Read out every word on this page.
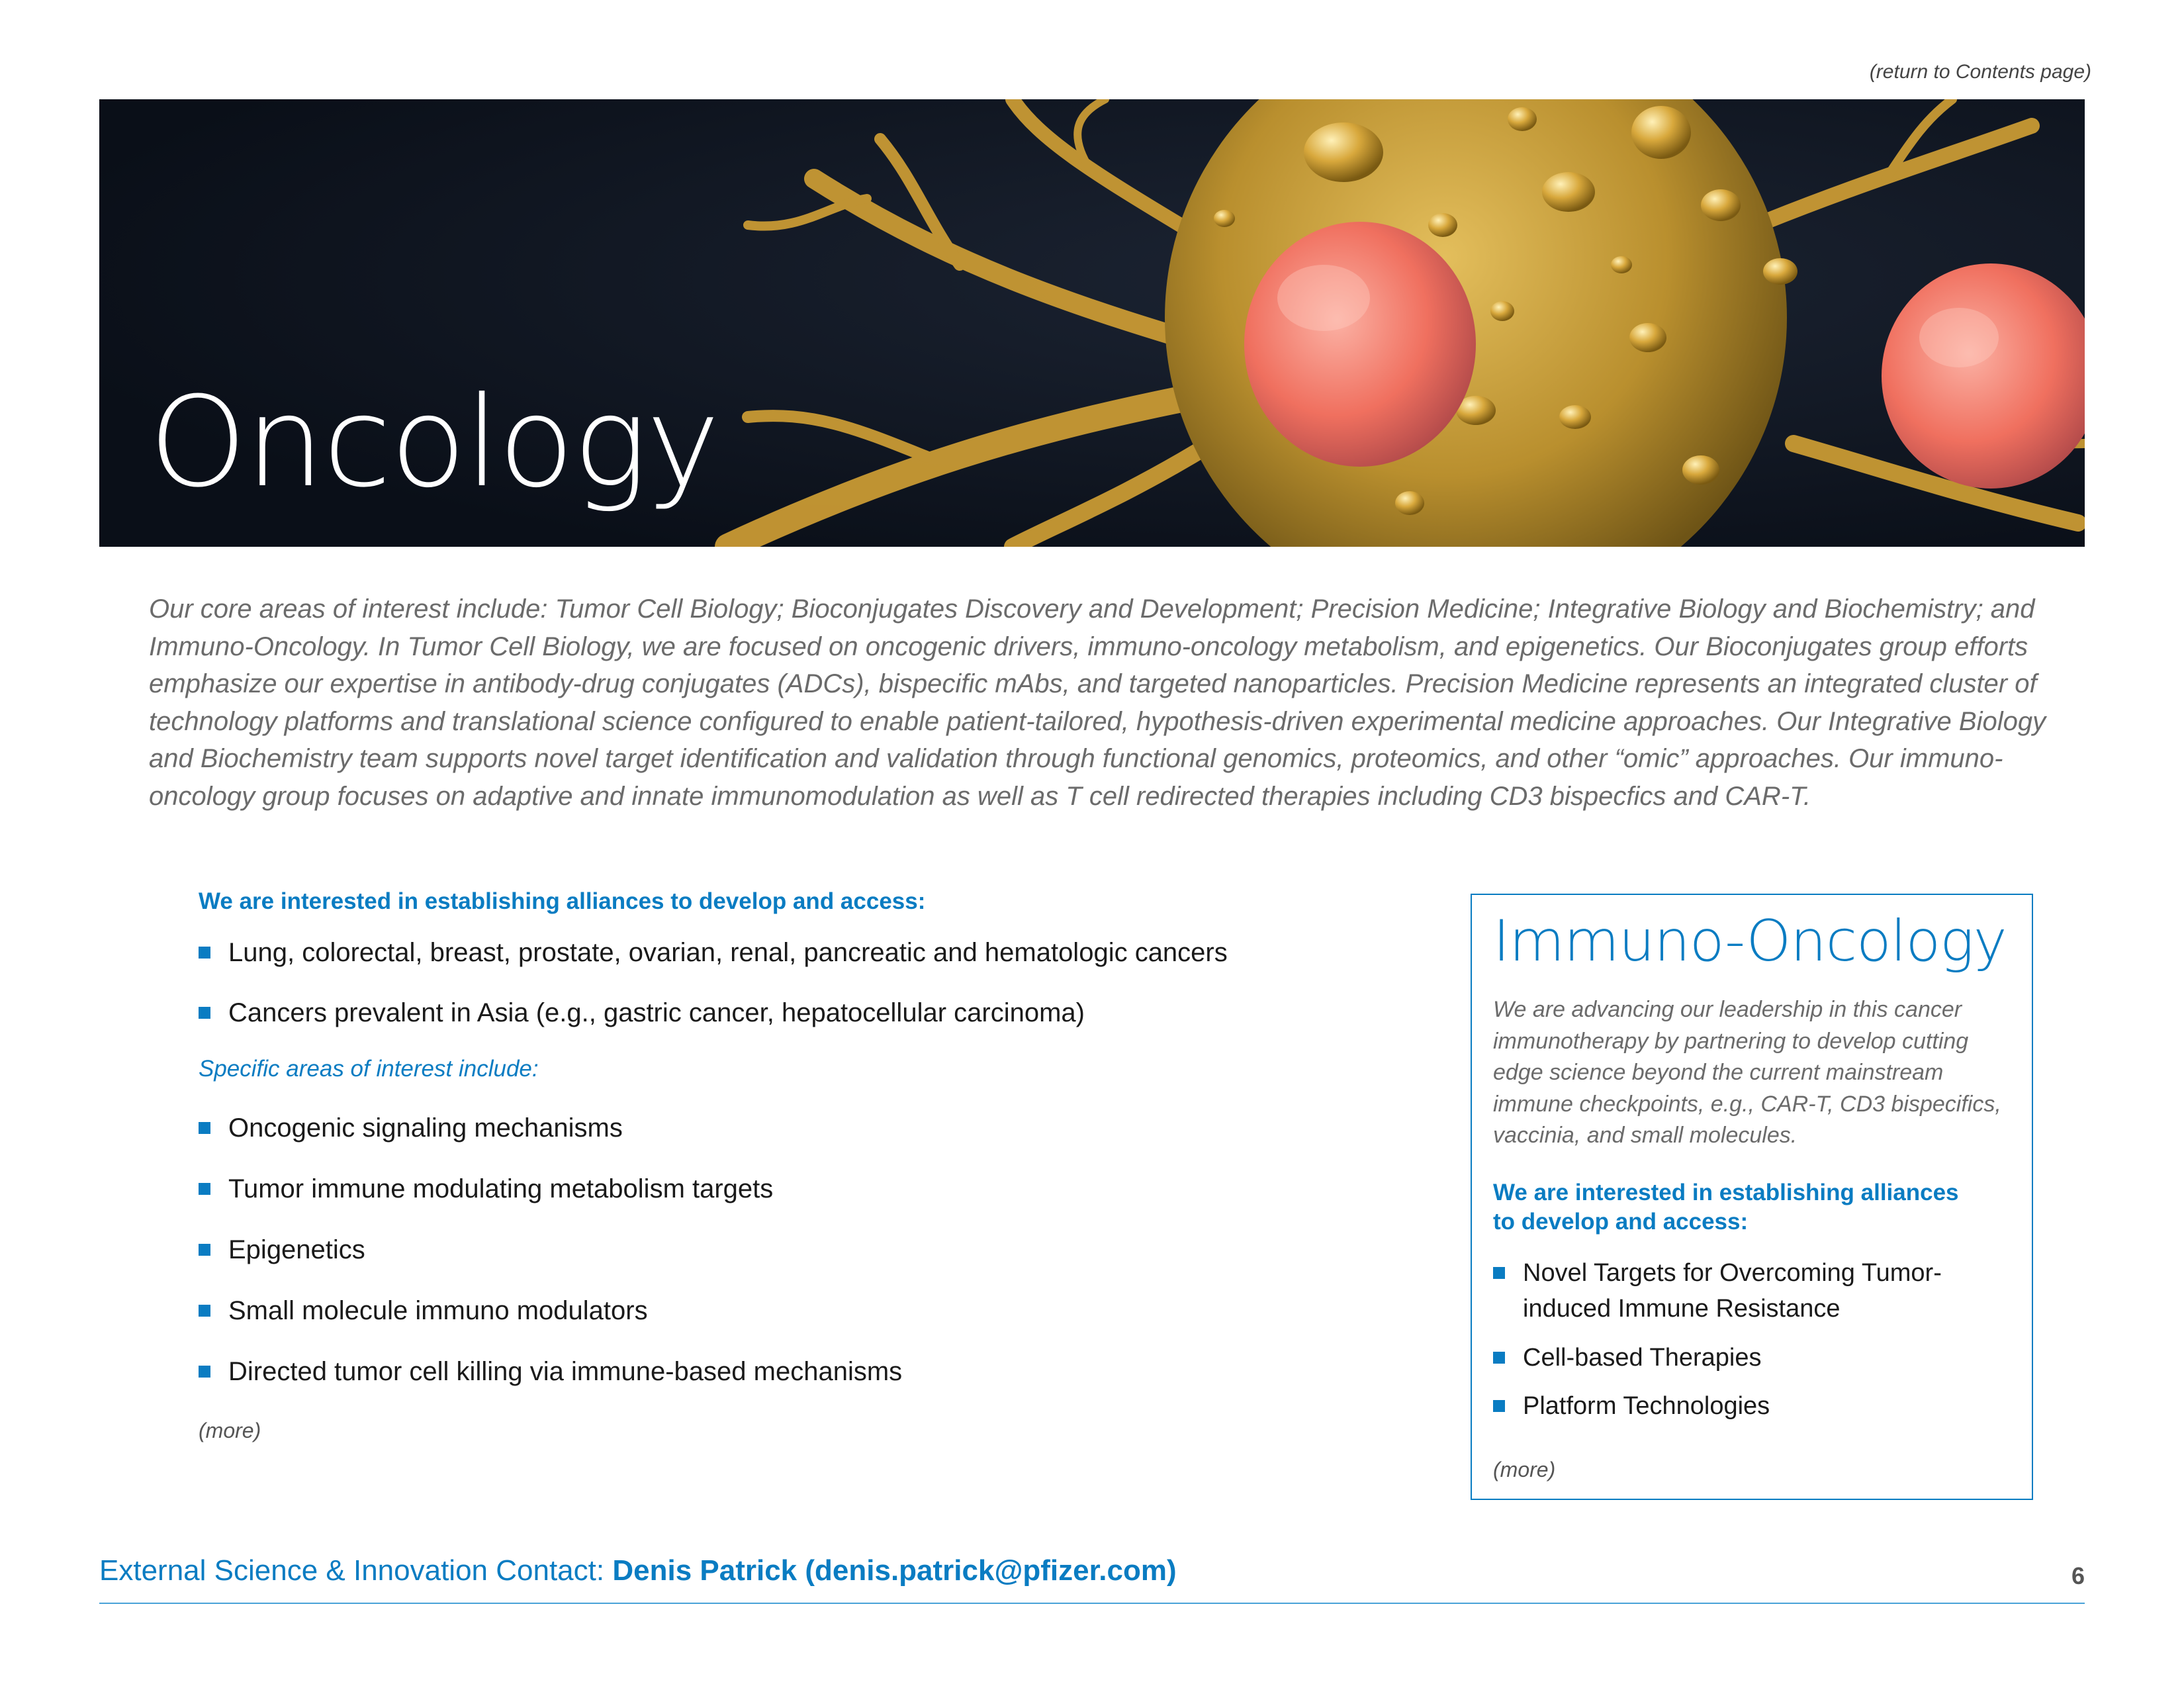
(return to Contents page)
Oncology

Our core areas of interest include: Tumor Cell Biology; Bioconjugates Discovery and Development; Precision Medicine; Integrative Biology and Biochemistry; and Immuno-Oncology. In Tumor Cell Biology, we are focused on oncogenic drivers, immuno-oncology metabolism, and epigenetics. Our Bioconjugates group efforts emphasize our expertise in antibody-drug conjugates (ADCs), bispecific mAbs, and targeted nanoparticles. Precision Medicine represents an integrated cluster of technology platforms and translational science configured to enable patient-tailored, hypothesis-driven experimental medicine approaches. Our Integrative Biology and Biochemistry team supports novel target identification and validation through functional genomics, proteomics, and other “omic” approaches. Our immuno-oncology group focuses on adaptive and innate immunomodulation as well as T cell redirected therapies including CD3 bispecfics and CAR-T.

We are interested in establishing alliances to develop and access:

Lung, colorectal, breast, prostate, ovarian, renal, pancreatic and hematologic cancers
Cancers prevalent in Asia (e.g., gastric cancer, hepatocellular carcinoma)

Specific areas of interest include:

Oncogenic signaling mechanisms
Tumor immune modulating metabolism targets
Epigenetics
Small molecule immuno modulators
Directed tumor cell killing via immune-based mechanisms
(more)
Immuno-Oncology

We are advancing our leadership in this cancer immunotherapy by partnering to develop cutting edge science beyond the current mainstream immune checkpoints, e.g., CAR-T, CD3 bispecifics, vaccinia, and small molecules.

We are interested in establishing alliances

to develop and access:

Novel Targets for Overcoming Tumor-
induced Immune Resistance
Cell-based Therapies
Platform Technologies
(more)
External Science & Innovation Contact: Denis Patrick (denis.patrick@pfizer.com)	6
